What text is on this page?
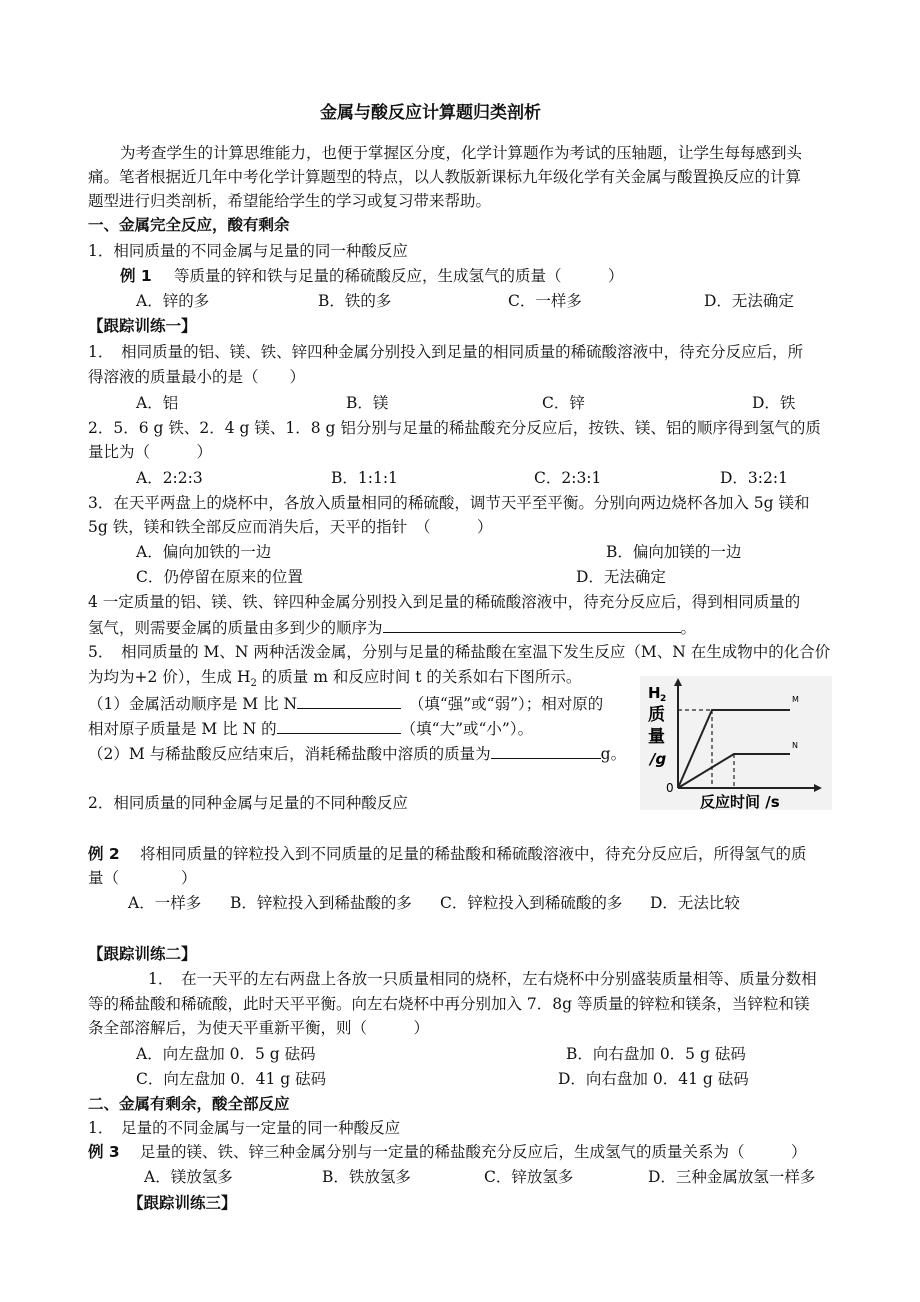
金属与酸反应计算题归类剖析
为考查学生的计算思维能力，也便于掌握区分度，化学计算题作为考试的压轴题，让学生每每感到头
痛。笔者根据近几年中考化学计算题型的特点，以人教版新课标九年级化学有关金属与酸置换反应的计算
题型进行归类剖析，希望能给学生的学习或复习带来帮助。
一、金属完全反应，酸有剩余
1．相同质量的不同金属与足量的同一种酸反应
例 1 等质量的锌和铁与足量的稀硫酸反应，生成氢气的质量（　　　）
A．锌的多	B．铁的多	C．一样多	D．无法确定
【跟踪训练一】
1．　相同质量的铝、镁、铁、锌四种金属分别投入到足量的相同质量的稀硫酸溶液中，待充分反应后，所
得溶液的质量最小的是（　　）
A．铝	B．镁	C．锌	D．铁
2．5．6 g 铁、2．4 g 镁、1．8 g 铝分别与足量的稀盐酸充分反应后，按铁、镁、铝的顺序得到氢气的质
量比为（　　　）
A．2:2:3	B．1:1:1	C．2:3:1	D．3:2:1
3．在天平两盘上的烧杯中，各放入质量相同的稀硫酸，调节天平至平衡。分别向两边烧杯各加入 5g 镁和
5g 铁，镁和铁全部反应而消失后，天平的指针　（　　　）
A．偏向加铁的一边	B．偏向加镁的一边
C．仍停留在原来的位置	D．无法确定
4 一定质量的铝、镁、铁、锌四种金属分别投入到足量的稀硫酸溶液中，待充分反应后，得到相同质量的
氢气，则需要金属的质量由多到少的顺序为	。
5．　相同质量的 M、N 两种活泼金属，分别与足量的稀盐酸在室温下发生反应（M、N 在生成物中的化合价
为均为+2 价），生成 $H_2$ 的质量 m 和反应时间 t 的关系如右下图所示。
（1）金属活动顺序是 M 比 N	　（填“强”或“弱”）；相对原的
相对原子质量是 M 比 N 的	（填“大”或“小”）。
（2）M 与稀盐酸反应结束后，消耗稀盐酸中溶质的质量为	g。
M
N
H 2
质
量
/g
0
反应时间 /s
2．相同质量的同种金属与足量的不同种酸反应
例 2 将相同质量的锌粒投入到不同质量的足量的稀盐酸和稀硫酸溶液中，待充分反应后，所得氢气的质
量（　　　　）
A．一样多 B．锌粒投入到稀盐酸的多 C．锌粒投入到稀硫酸的多 D．无法比较
【跟踪训练二】
1．　在一天平的左右两盘上各放一只质量相同的烧杯，左右烧杯中分别盛装质量相等、质量分数相
等的稀盐酸和稀硫酸，此时天平平衡。向左右烧杯中再分别加入 7．8g 等质量的锌粒和镁条，当锌粒和镁
条全部溶解后，为使天平重新平衡，则（　　　）
A．向左盘加 0．5 g 砝码	B．向右盘加 0．5 g 砝码
C．向左盘加 0．41 g 砝码	D．向右盘加 0．41 g 砝码
二、金属有剩余，酸全部反应
1．　足量的不同金属与一定量的同一种酸反应
例 3 足量的镁、铁、锌三种金属分别与一定量的稀盐酸充分反应后，生成氢气的质量关系为（　　　）
A．镁放氢多	B．铁放氢多	C．锌放氢多	D．三种金属放氢一样多
【跟踪训练三】
